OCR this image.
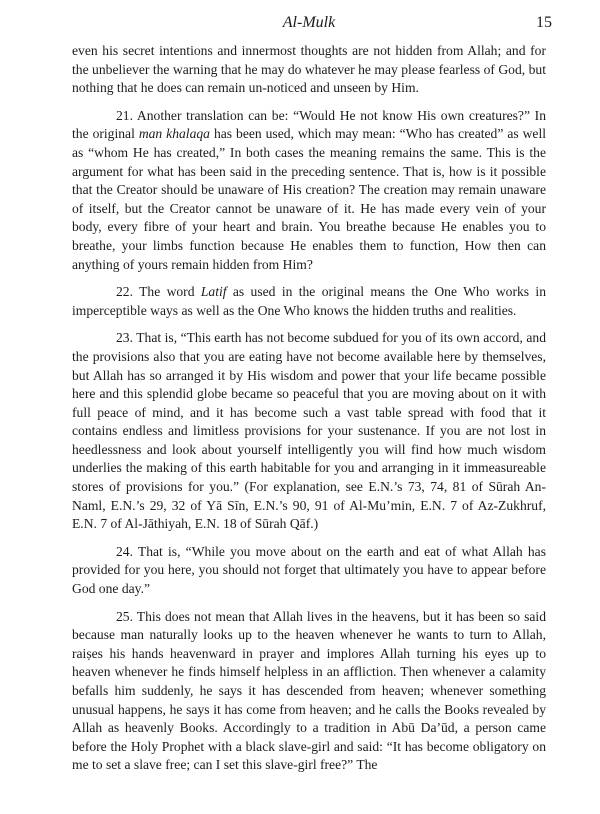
Al-Mulk	15

even his secret intentions and innermost thoughts are not hidden from Allah; and for the unbeliever the warning that he may do whatever he may please fearless of God, but nothing that he does can remain un-noticed and unseen by Him.

21. Another translation can be: “Would He not know His own creatures?” In the original man khalaqa has been used, which may mean: “Who has created” as well as “whom He has created,” In both cases the meaning remains the same. This is the argument for what has been said in the preceding sentence. That is, how is it possible that the Creator should be unaware of His creation? The creation may remain unaware of itself, but the Creator cannot be unaware of it. He has made every vein of your body, every fibre of your heart and brain. You breathe because He enables you to breathe, your limbs function because He enables them to function, How then can anything of yours remain hidden from Him?

22. The word Latif as used in the original means the One Who works in imperceptible ways as well as the One Who knows the hidden truths and realities.

23. That is, “This earth has not become subdued for you of its own accord, and the provisions also that you are eating have not become available here by themselves, but Allah has so arranged it by His wisdom and power that your life became possible here and this splendid globe became so peaceful that you are moving about on it with full peace of mind, and it has become such a vast table spread with food that it contains endless and limitless provisions for your sustenance. If you are not lost in heedlessness and look about yourself intelligently you will find how much wisdom underlies the making of this earth habitable for you and arranging in it immeasureable stores of provisions for you.” (For explanation, see E.N.’s 73, 74, 81 of Sūrah An-Naml, E.N.’s 29, 32 of Yā Sīn, E.N.’s 90, 91 of Al-Mu’min, E.N. 7 of Az-Zukhruf, E.N. 7 of Al-Jāthiyah, E.N. 18 of Sūrah Qāf.)

24. That is, “While you move about on the earth and eat of what Allah has provided for you here, you should not forget that ultimately you have to appear before God one day.”

25. This does not mean that Allah lives in the heavens, but it has been so said because man naturally looks up to the heaven whenever he wants to turn to Allah, raiṣes his hands heavenward in prayer and implores Allah turning his eyes up to heaven whenever he finds himself helpless in an affliction. Then whenever a calamity befalls him suddenly, he says it has descended from heaven; whenever something unusual happens, he says it has come from heaven; and he calls the Books revealed by Allah as heavenly Books. Accordingly to a tradition in Abū Da’ūd, a person came before the Holy Prophet with a black slave-girl and said: “It has become obligatory on me to set a slave free; can I set this slave-girl free?” The
